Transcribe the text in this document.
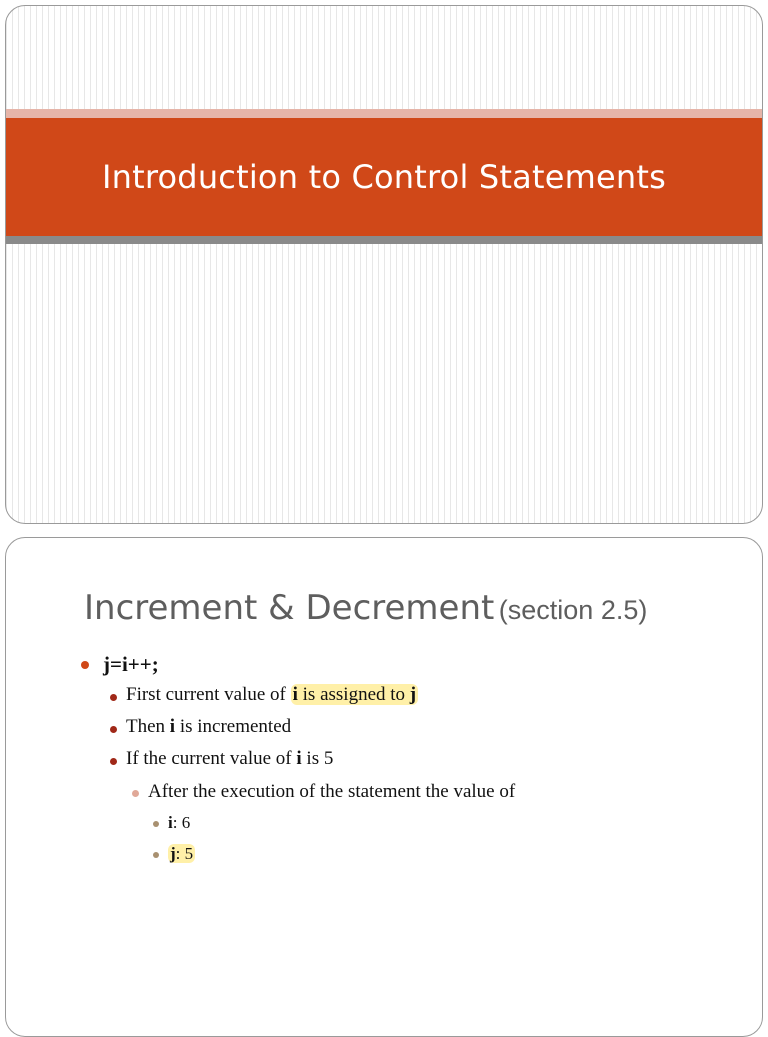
Introduction to Control Statements
Increment & Decrement (section 2.5)
j=i++;
First current value of i is assigned to j
Then i is incremented
If the current value of i is 5
After the execution of the statement the value of
i: 6
j: 5
